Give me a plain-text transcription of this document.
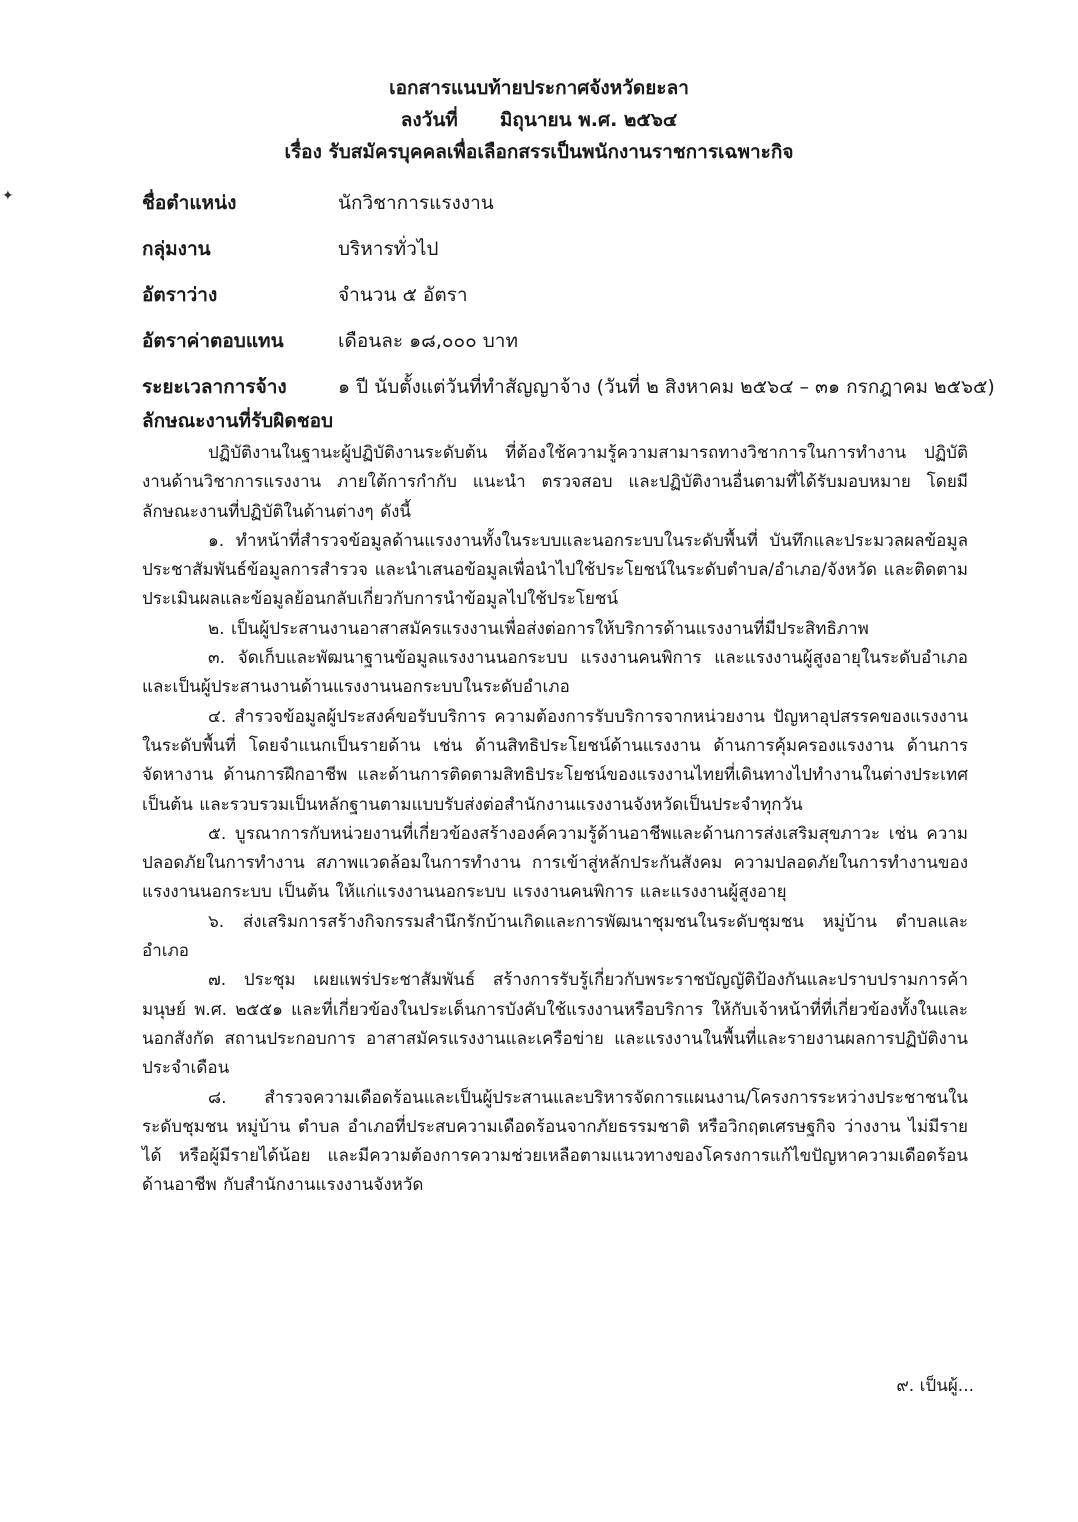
✦
เอกสารแนบท้ายประกาศจังหวัดยะลา
ลงวันที่ มิถุนายน พ.ศ. ๒๕๖๔
เรื่อง รับสมัครบุคคลเพื่อเลือกสรรเป็นพนักงานราชการเฉพาะกิจ
ชื่อตำแหน่ง	นักวิชาการแรงงาน
กลุ่มงาน	บริหารทั่วไป
อัตราว่าง	จำนวน ๕ อัตรา
อัตราค่าตอบแทน	เดือนละ ๑๘,๐๐๐ บาท
ระยะเวลาการจ้าง	๑ ปี นับตั้งแต่วันที่ทำสัญญาจ้าง (วันที่ ๒ สิงหาคม ๒๕๖๔ – ๓๑ กรกฎาคม ๒๕๖๕)
ลักษณะงานที่รับผิดชอบ

ปฏิบัติงานในฐานะผู้ปฏิบัติงานระดับต้น ที่ต้องใช้ความรู้ความสามารถทางวิชาการในการทำงาน ปฏิบัติงานด้านวิชาการแรงงาน ภายใต้การกำกับ แนะนำ ตรวจสอบ และปฏิบัติงานอื่นตามที่ได้รับมอบหมาย โดยมีลักษณะงานที่ปฏิบัติในด้านต่างๆ ดังนี้

๑. ทำหน้าที่สำรวจข้อมูลด้านแรงงานทั้งในระบบและนอกระบบในระดับพื้นที่ บันทึกและประมวลผลข้อมูล ประชาสัมพันธ์ข้อมูลการสำรวจ และนำเสนอข้อมูลเพื่อนำไปใช้ประโยชน์ในระดับตำบล/อำเภอ/จังหวัด และติดตามประเมินผลและข้อมูลย้อนกลับเกี่ยวกับการนำข้อมูลไปใช้ประโยชน์

๒. เป็นผู้ประสานงานอาสาสมัครแรงงานเพื่อส่งต่อการให้บริการด้านแรงงานที่มีประสิทธิภาพ

๓. จัดเก็บและพัฒนาฐานข้อมูลแรงงานนอกระบบ แรงงานคนพิการ และแรงงานผู้สูงอายุในระดับอำเภอ และเป็นผู้ประสานงานด้านแรงงานนอกระบบในระดับอำเภอ

๔. สำรวจข้อมูลผู้ประสงค์ขอรับบริการ ความต้องการรับบริการจากหน่วยงาน ปัญหาอุปสรรคของแรงงานในระดับพื้นที่ โดยจำแนกเป็นรายด้าน เช่น ด้านสิทธิประโยชน์ด้านแรงงาน ด้านการคุ้มครองแรงงาน ด้านการจัดหางาน ด้านการฝึกอาชีพ และด้านการติดตามสิทธิประโยชน์ของแรงงานไทยที่เดินทางไปทำงานในต่างประเทศ เป็นต้น และรวบรวมเป็นหลักฐานตามแบบรับส่งต่อสำนักงานแรงงานจังหวัดเป็นประจำทุกวัน

๕. บูรณาการกับหน่วยงานที่เกี่ยวข้องสร้างองค์ความรู้ด้านอาชีพและด้านการส่งเสริมสุขภาวะ เช่น ความปลอดภัยในการทำงาน สภาพแวดล้อมในการทำงาน การเข้าสู่หลักประกันสังคม ความปลอดภัยในการทำงานของแรงงานนอกระบบ เป็นต้น ให้แก่แรงงานนอกระบบ แรงงานคนพิการ และแรงงานผู้สูงอายุ

๖. ส่งเสริมการสร้างกิจกรรมสำนึกรักบ้านเกิดและการพัฒนาชุมชนในระดับชุมชน หมู่บ้าน ตำบลและอำเภอ

๗. ประชุม เผยแพร่ประชาสัมพันธ์ สร้างการรับรู้เกี่ยวกับพระราชบัญญัติป้องกันและปราบปรามการค้ามนุษย์ พ.ศ. ๒๕๕๑ และที่เกี่ยวข้องในประเด็นการบังคับใช้แรงงานหรือบริการ ให้กับเจ้าหน้าที่ที่เกี่ยวข้องทั้งในและนอกสังกัด สถานประกอบการ อาสาสมัครแรงงานและเครือข่าย และแรงงานในพื้นที่และรายงานผลการปฏิบัติงานประจำเดือน

๘. สำรวจความเดือดร้อนและเป็นผู้ประสานและบริหารจัดการแผนงาน/โครงการระหว่างประชาชนในระดับชุมชน หมู่บ้าน ตำบล อำเภอที่ประสบความเดือดร้อนจากภัยธรรมชาติ หรือวิกฤตเศรษฐกิจ ว่างงาน ไม่มีรายได้ หรือผู้มีรายได้น้อย และมีความต้องการความช่วยเหลือตามแนวทางของโครงการแก้ไขปัญหาความเดือดร้อนด้านอาชีพ กับสำนักงานแรงงานจังหวัด

๙. เป็นผู้...
